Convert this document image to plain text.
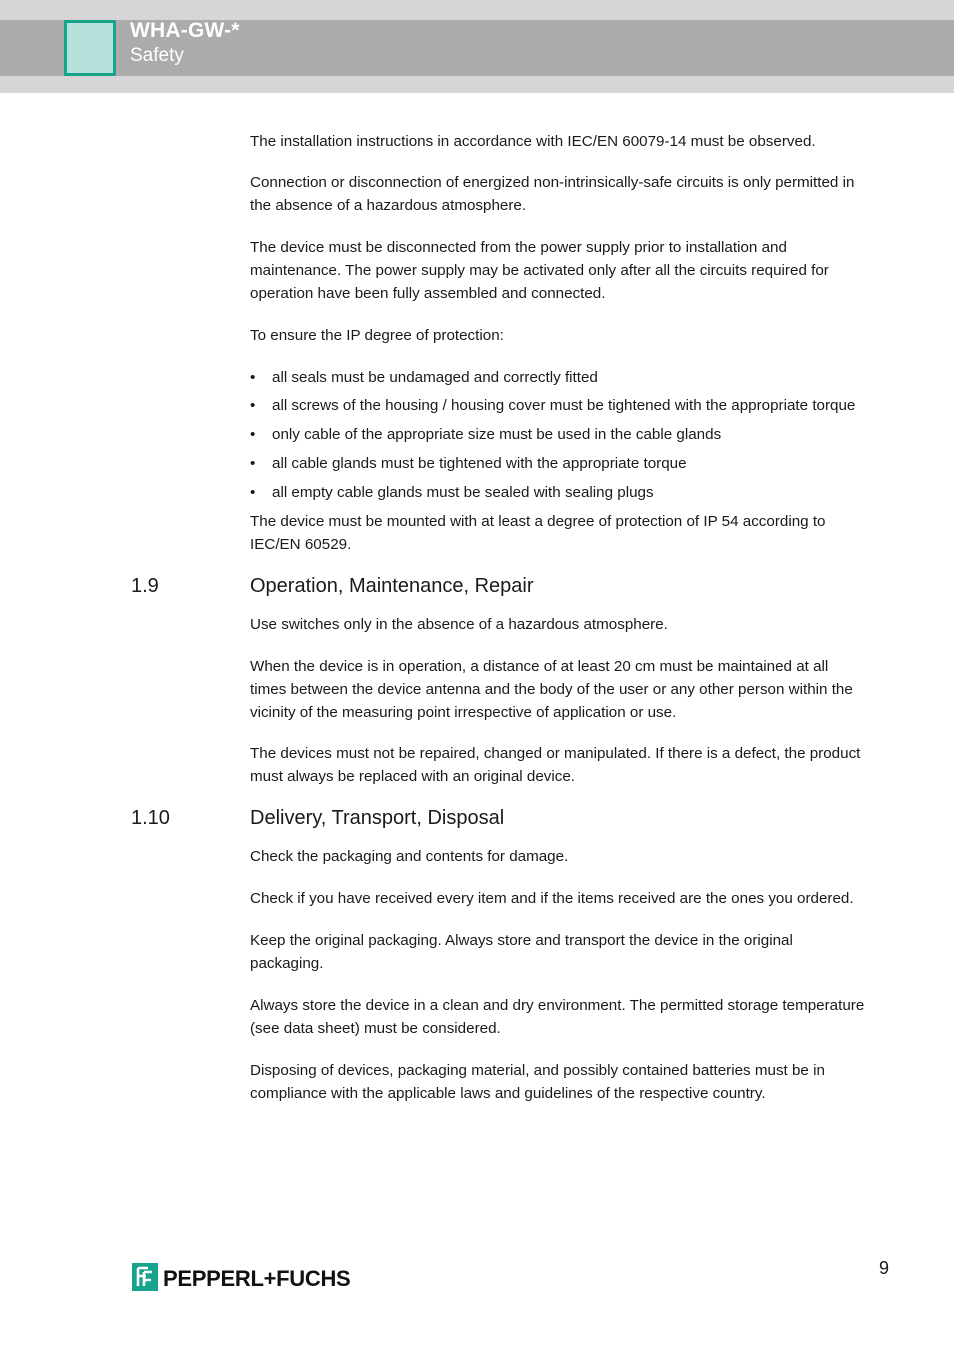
WHA-GW-*
Safety
The installation instructions in accordance with IEC/EN 60079-14 must be observed.
Connection or disconnection of energized non-intrinsically-safe circuits is only permitted in
the absence of a hazardous atmosphere.
The device must be disconnected from the power supply prior to installation and
maintenance. The power supply may be activated only after all the circuits required for
operation have been fully assembled and connected.
To ensure the IP degree of protection:
• all seals must be undamaged and correctly fitted
• all screws of the housing / housing cover must be tightened with the appropriate torque
• only cable of the appropriate size must be used in the cable glands
• all cable glands must be tightened with the appropriate torque
• all empty cable glands must be sealed with sealing plugs
The device must be mounted with at least a degree of protection of IP 54 according to
IEC/EN 60529.
1.9	Operation, Maintenance, Repair
Use switches only in the absence of a hazardous atmosphere.
When the device is in operation, a distance of at least 20 cm must be maintained at all
times between the device antenna and the body of the user or any other person within the
vicinity of the measuring point irrespective of application or use.
The devices must not be repaired, changed or manipulated. If there is a defect, the product
must always be replaced with an original device.
1.10	Delivery, Transport, Disposal
Check the packaging and contents for damage.
Check if you have received every item and if the items received are the ones you ordered.
Keep the original packaging. Always store and transport the device in the original
packaging.
Always store the device in a clean and dry environment. The permitted storage temperature
(see data sheet) must be considered.
Disposing of devices, packaging material, and possibly contained batteries must be in
compliance with the applicable laws and guidelines of the respective country.
PEPPERL+FUCHS	9
